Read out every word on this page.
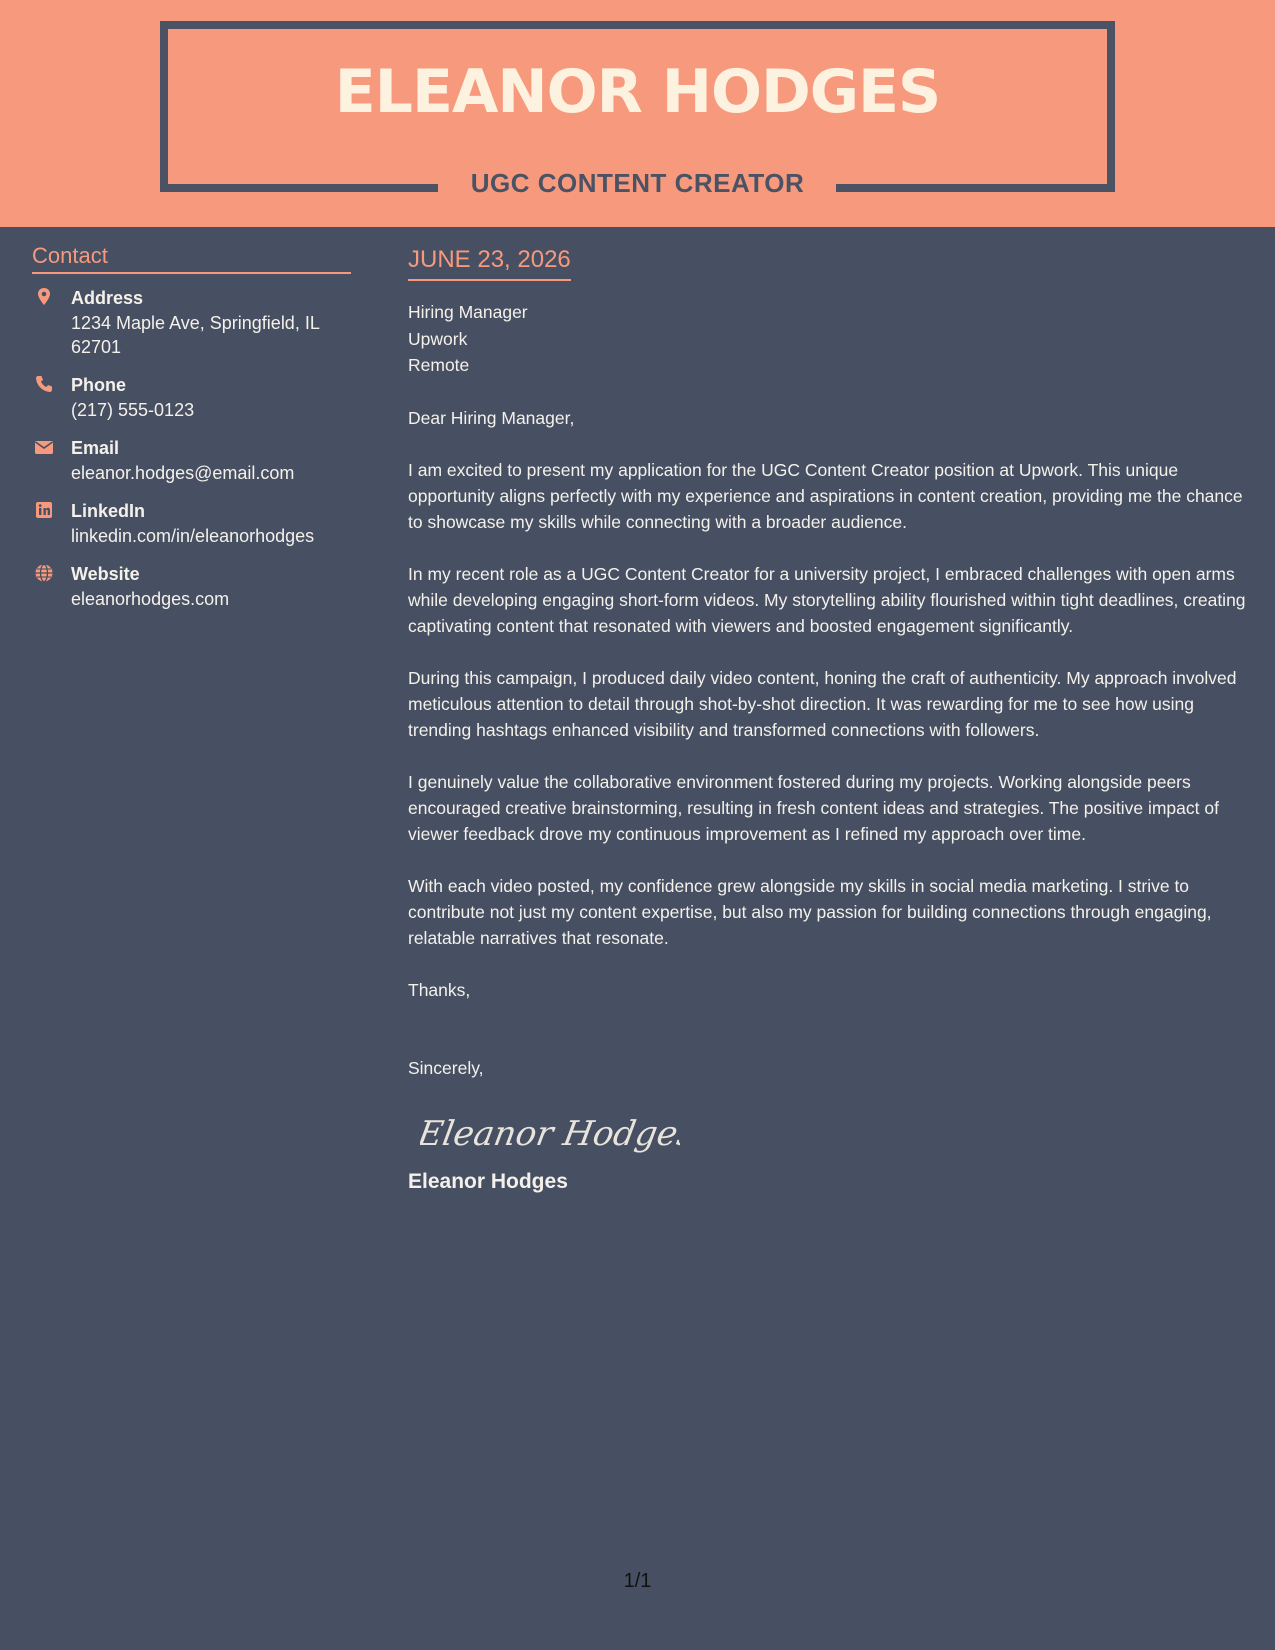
ELEANOR HODGES
UGC CONTENT CREATOR
Contact
Address
1234 Maple Ave, Springfield, IL 62701
Phone
(217) 555-0123
Email
eleanor.hodges@email.com
LinkedIn
linkedin.com/in/eleanorhodges
Website
eleanorhodges.com
JUNE 23, 2026
Hiring Manager
Upwork
Remote
Dear Hiring Manager,
I am excited to present my application for the UGC Content Creator position at Upwork. This unique opportunity aligns perfectly with my experience and aspirations in content creation, providing me the chance to showcase my skills while connecting with a broader audience.
In my recent role as a UGC Content Creator for a university project, I embraced challenges with open arms while developing engaging short-form videos. My storytelling ability flourished within tight deadlines, creating captivating content that resonated with viewers and boosted engagement significantly.
During this campaign, I produced daily video content, honing the craft of authenticity. My approach involved meticulous attention to detail through shot-by-shot direction. It was rewarding for me to see how using trending hashtags enhanced visibility and transformed connections with followers.
I genuinely value the collaborative environment fostered during my projects. Working alongside peers encouraged creative brainstorming, resulting in fresh content ideas and strategies. The positive impact of viewer feedback drove my continuous improvement as I refined my approach over time.
With each video posted, my confidence grew alongside my skills in social media marketing. I strive to contribute not just my content expertise, but also my passion for building connections through engaging, relatable narratives that resonate.
Thanks,
Sincerely,
Eleanor Hodges
Eleanor Hodges
1/1
